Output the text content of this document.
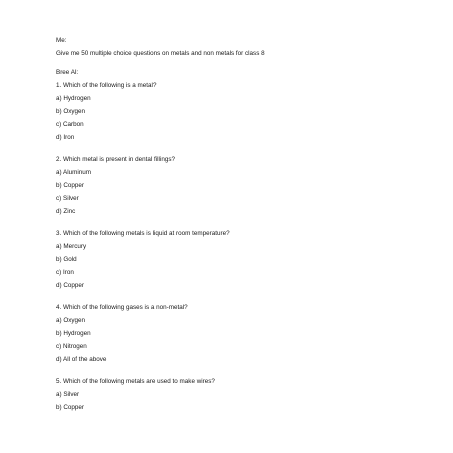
Me:
Give me 50 multiple choice questions on metals and non metals for class 8
Bree AI:
1. Which of the following is a metal?
a) Hydrogen
b) Oxygen
c) Carbon
d) Iron
2. Which metal is present in dental fillings?
a) Aluminum
b) Copper
c) Silver
d) Zinc
3. Which of the following metals is liquid at room temperature?
a) Mercury
b) Gold
c) Iron
d) Copper
4. Which of the following gases is a non-metal?
a) Oxygen
b) Hydrogen
c) Nitrogen
d) All of the above
5. Which of the following metals are used to make wires?
a) Silver
b) Copper
